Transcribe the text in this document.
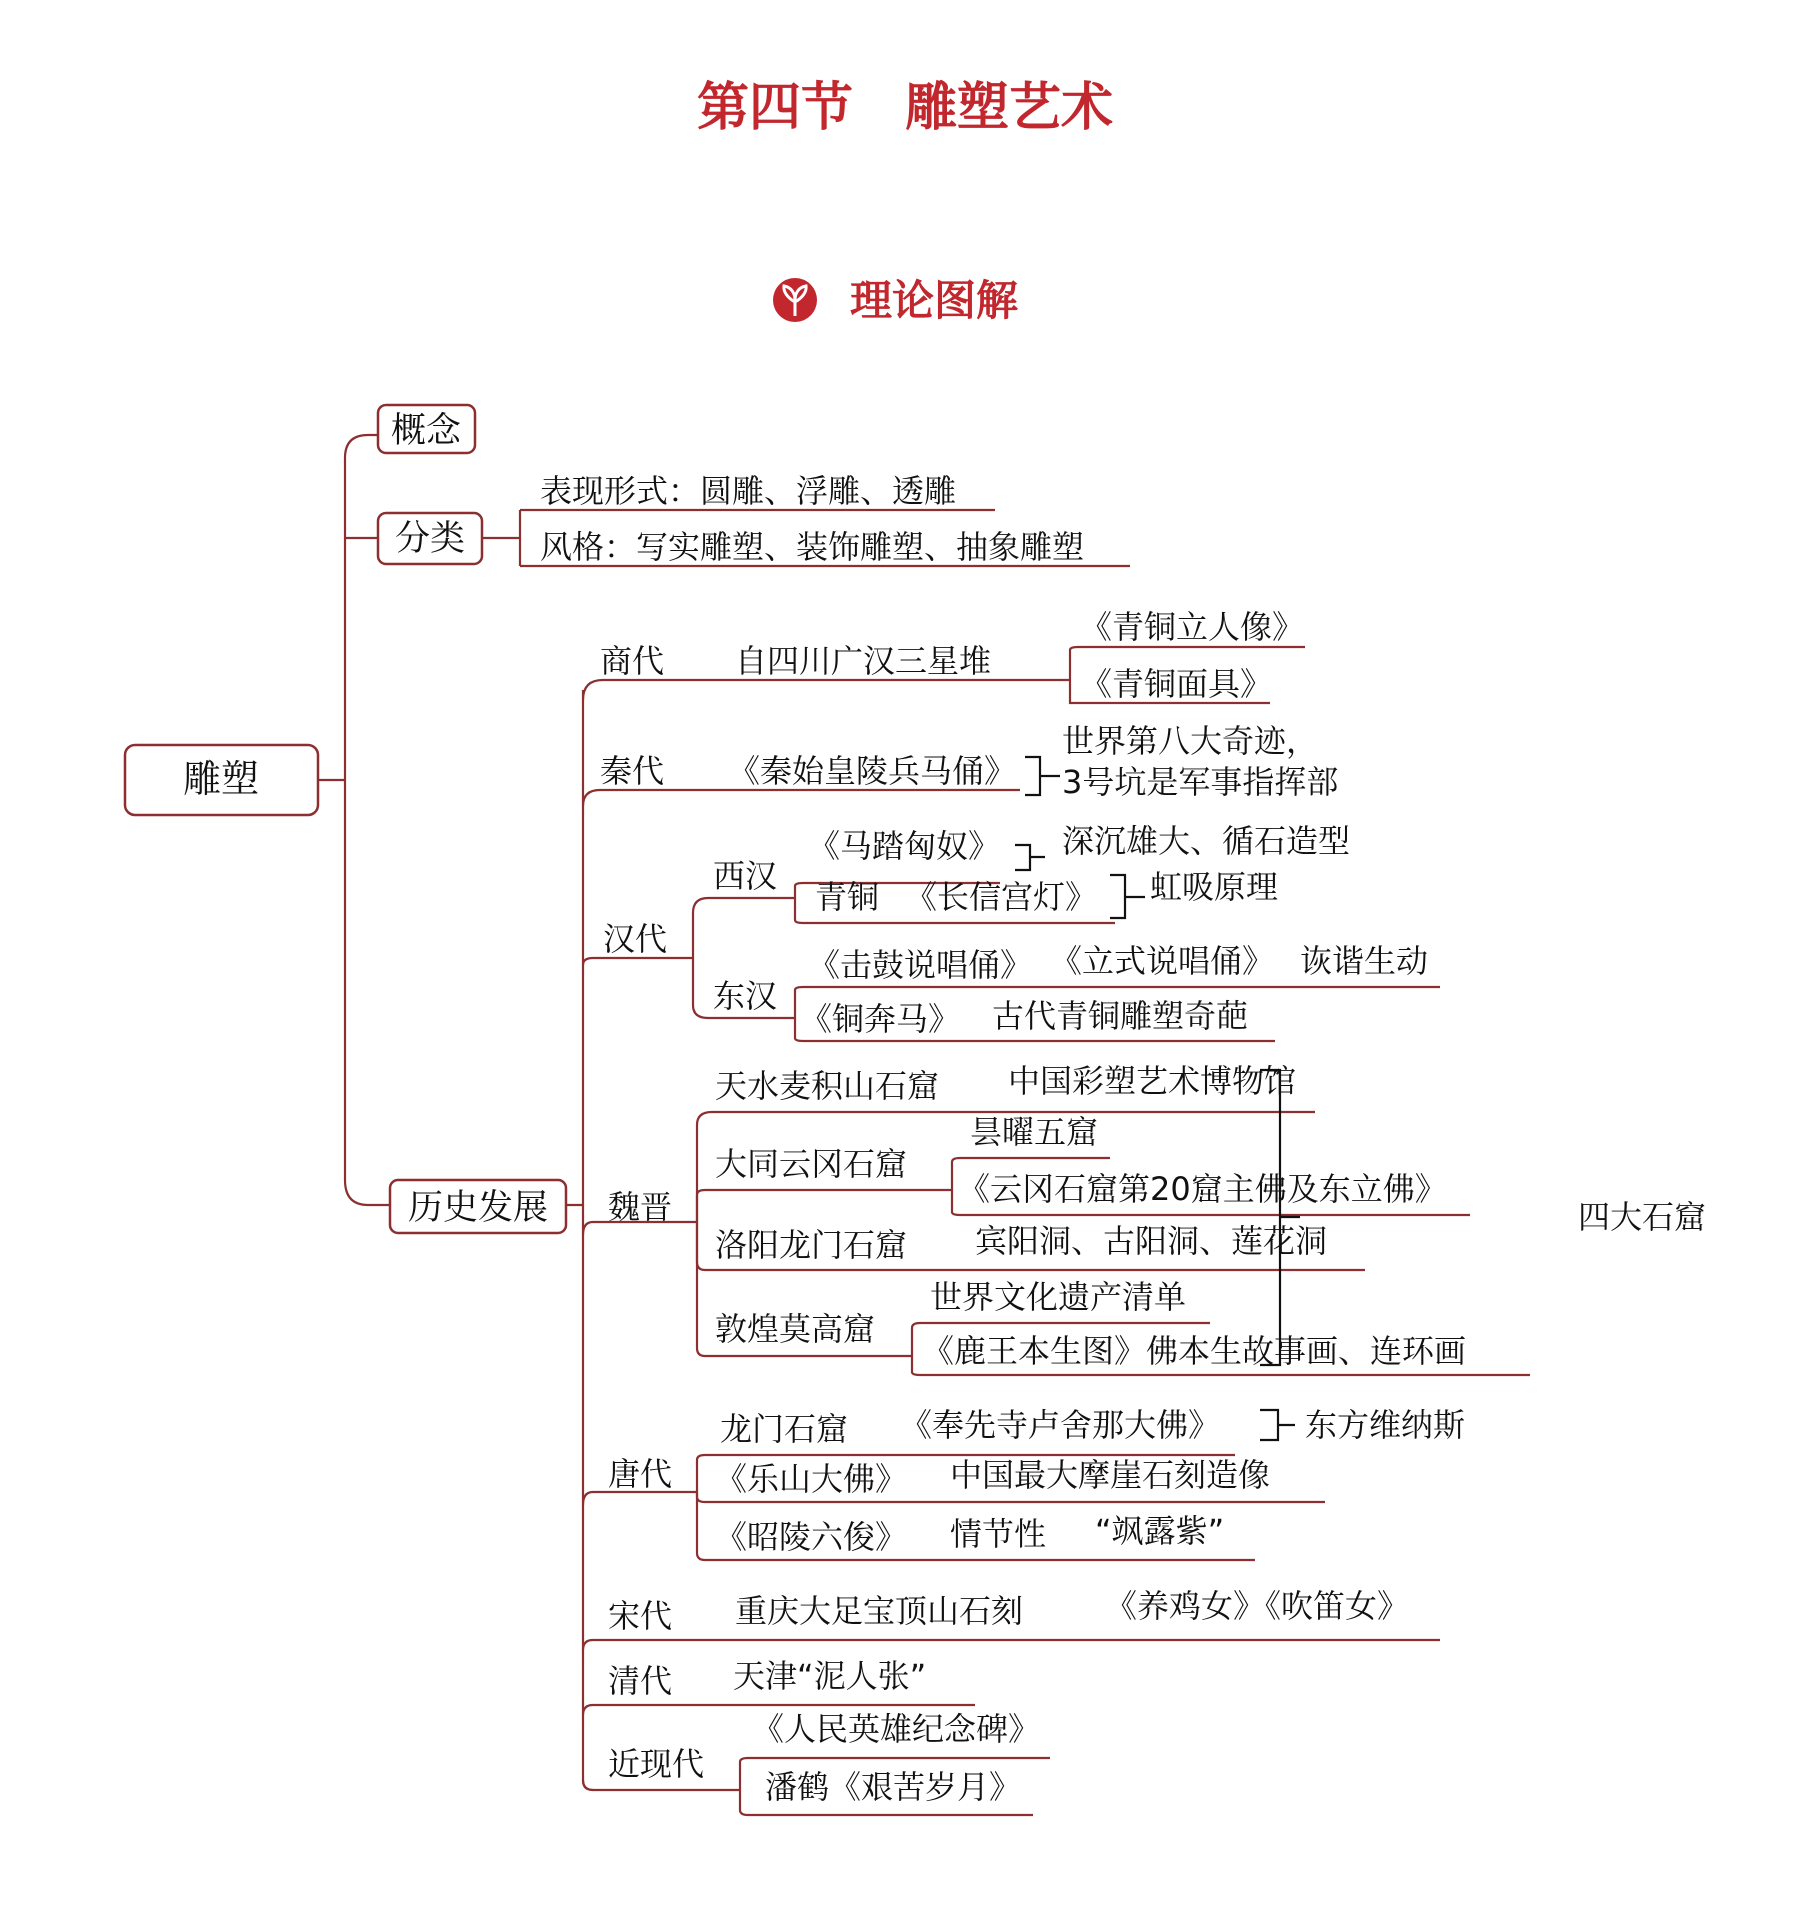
第四节　雕塑艺术
理论图解
雕塑
概念
分类
历史发展
表现形式：圆雕、浮雕、透雕
风格：写实雕塑、装饰雕塑、抽象雕塑
商代 自四川广汉三星堆
《青铜立人像》
《青铜面具》
秦代 《秦始皇陵兵马俑》
世界第八大奇迹，
3号坑是军事指挥部
汉代
西汉
《马踏匈奴》 深沉雄大、循石造型
青铜 《长信宫灯》 虹吸原理
东汉
《击鼓说唱俑》 《立式说唱俑》 诙谐生动
《铜奔马》 古代青铜雕塑奇葩
魏晋
天水麦积山石窟 中国彩塑艺术博物馆
大同云冈石窟
昙曜五窟
《云冈石窟第20窟主佛及东立佛》
洛阳龙门石窟 宾阳洞、古阳洞、莲花洞
敦煌莫高窟
世界文化遗产清单
《鹿王本生图》佛本生故事画、连环画
四大石窟
唐代
龙门石窟 《奉先寺卢舍那大佛》	东方维纳斯
《乐山大佛》 中国最大摩崖石刻造像
《昭陵六俊》 情节性 “飒露紫”
宋代 重庆大足宝顶山石刻	《养鸡女》《吹笛女》
清代 天津“泥人张”
近现代
《人民英雄纪念碑》
潘鹤《艰苦岁月》
